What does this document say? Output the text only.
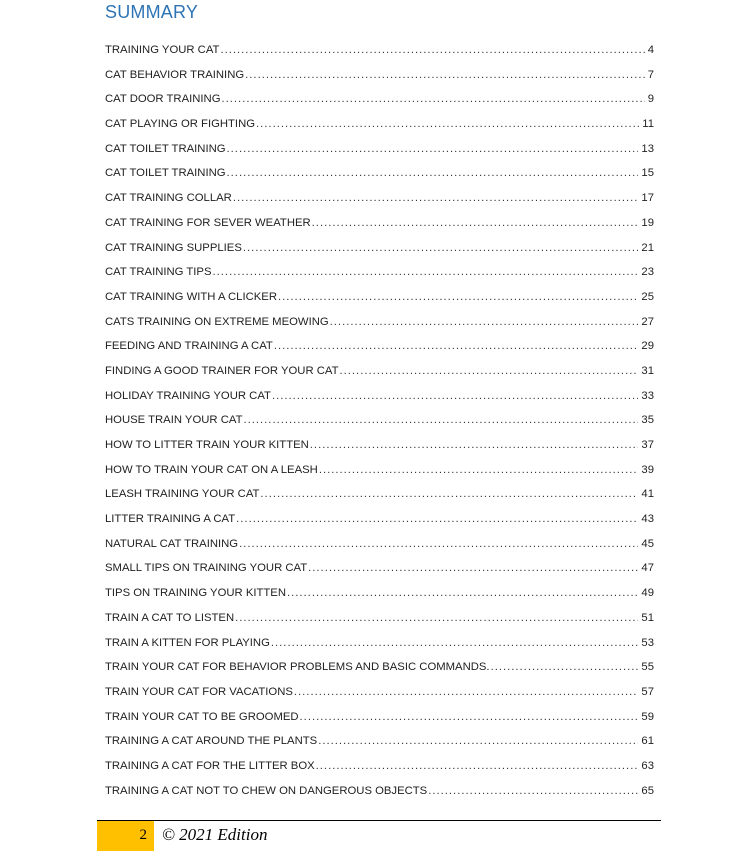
SUMMARY
TRAINING YOUR CAT .....	4
CAT BEHAVIOR TRAINING .....	7
CAT DOOR TRAINING .....	9
CAT PLAYING OR FIGHTING .....	11
CAT TOILET TRAINING .....	13
CAT TOILET TRAINING .....	15
CAT TRAINING COLLAR .....	17
CAT TRAINING FOR SEVER WEATHER .....	19
CAT TRAINING SUPPLIES .....	21
CAT TRAINING TIPS .....	23
CAT TRAINING WITH A CLICKER .....	25
CATS TRAINING ON EXTREME MEOWING .....	27
FEEDING AND TRAINING A CAT .....	29
FINDING A GOOD TRAINER FOR YOUR CAT .....	31
HOLIDAY TRAINING YOUR CAT .....	33
HOUSE TRAIN YOUR CAT .....	35
HOW TO LITTER TRAIN YOUR KITTEN .....	37
HOW TO TRAIN YOUR CAT ON A LEASH .....	39
LEASH TRAINING YOUR CAT .....	41
LITTER TRAINING A CAT .....	43
NATURAL CAT TRAINING .....	45
SMALL TIPS ON TRAINING YOUR CAT .....	47
TIPS ON TRAINING YOUR KITTEN .....	49
TRAIN A CAT TO LISTEN .....	51
TRAIN A KITTEN FOR PLAYING .....	53
TRAIN YOUR CAT FOR BEHAVIOR PROBLEMS AND BASIC COMMANDS. .....	55
TRAIN YOUR CAT FOR VACATIONS .....	57
TRAIN YOUR CAT TO BE GROOMED .....	59
TRAINING A CAT AROUND THE PLANTS .....	61
TRAINING A CAT FOR THE LITTER BOX .....	63
TRAINING A CAT NOT TO CHEW ON DANGEROUS OBJECTS .....	65
2 © 2021 Edition
